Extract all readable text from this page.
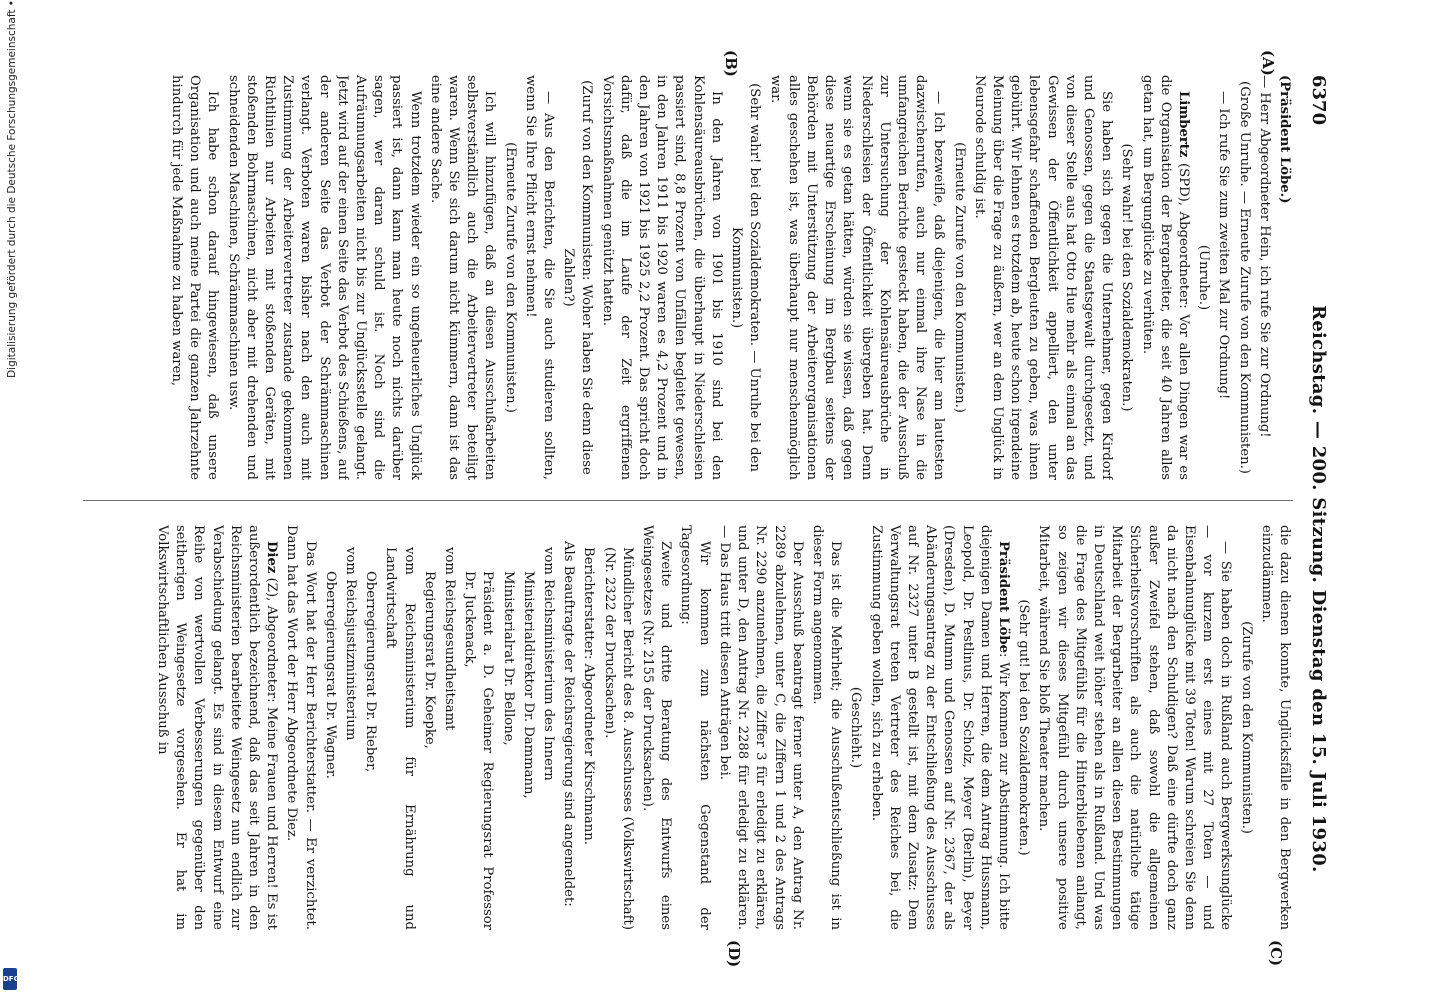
6370
Reichstag. — 200. Sitzung. Dienstag den 15. Juli 1930.
(A)
(B)
(C)
(D)

(Präsident Löbe.)

— Herr Abgeordneter Hein, ich rufe Sie zur Ordnung!

(Große Unruhe. — Erneute Zurufe von den Kommunisten.)

— Ich rufe Sie zum zweiten Mal zur Ordnung!

(Unruhe.)

Limbertz (SPD), Abgeordneter: Vor allen Dingen war es die Organisation der Bergarbeiter, die seit 40 Jahren alles getan hat, um Bergunglücke zu verhüten.

(Sehr wahr! bei den Sozialdemokraten.)

Sie haben sich gegen die Unternehmer, gegen Kirdorf und Genossen, gegen die Staatsgewalt durchgesetzt, und von dieser Stelle aus hat Otto Hue mehr als einmal an das Gewissen der Öffentlichkeit appelliert, den unter lebensgefahr schaffenden Bergleuten zu geben, was ihnen gebührt. Wir lehnen es trotzdem ab, heute schon irgendeine Meinung über die Frage zu äußern, wer an dem Unglück in Neurode schuldig ist.

(Erneute Zurufe von den Kommunisten.)

— Ich bezweifle, daß diejenigen, die hier am lautesten dazwischenrufen, auch nur einmal ihre Nase in die umfangreichen Berichte gesteckt haben, die der Ausschuß zur Untersuchung der Kohlensäureausbrüche in Niederschlesien der Öffentlichkeit übergeben hat. Denn wenn sie es getan hätten, würden sie wissen, daß gegen diese neuartige Erscheinung im Bergbau seitens der Behörden mit Unterstützung der Arbeiterorganisationen alles geschehen ist, was überhaupt nur menschenmöglich war.

(Sehr wahr! bei den Sozialdemokraten. — Unruhe bei den Kommunisten.)

In den Jahren von 1901 bis 1910 sind bei den Kohlensäureausbrüchen, die überhaupt in Niederschlesien passiert sind, 8,8 Prozent von Unfällen begleitet gewesen, in den Jahren 1911 bis 1920 waren es 4,2 Prozent und in den Jahren von 1921 bis 1925 2,2 Prozent. Das spricht doch dafür, daß die im Laufe der Zeit ergriffenen Vorsichtsmaßnahmen genützt hatten.

(Zuruf von den Kommunisten: Woher haben Sie denn diese Zahlen?)

— Aus den Berichten, die Sie auch studieren sollten, wenn Sie Ihre Pflicht ernst nehmen!

(Erneute Zurufe von den Kommunisten.)

Ich will hinzufügen, daß an diesen Ausschußarbeiten selbstverständlich auch die Arbeitervertreter beteiligt waren. Wenn Sie sich darum nicht kümmern, dann ist das eine andere Sache.

Wenn trotzdem wieder ein so ungeheuerliches Unglück passiert ist, dann kann man heute noch nichts darüber sagen, wer daran schuld ist. Noch sind die Aufräumungsarbeiten nicht bis zur Unglücksstelle gelangt. Jetzt wird auf der einen Seite das Verbot des Schießens, auf der anderen Seite das Verbot der Schrämmaschinen verlangt. Verboten waren bisher nach den auch mit Zustimmung der Arbeitervertreter zustande gekommenen Richtlinien nur Arbeiten mit stoßenden Geräten, mit stoßenden Bohrmaschinen, nicht aber mit drehenden und schneidenden Maschinen, Schrämmaschinen usw.

Ich habe schon darauf hingewiesen, daß unsere Organisation und auch meine Partei die ganzen Jahrzehnte hindurch für jede Maßnahme zu haben waren,

die dazu dienen konnte, Unglücksfälle in den Bergwerken einzudämmen.

(Zurufe von den Kommunisten.)

— Sie haben doch in Rußland auch Bergwerksunglücke — vor kurzem erst eines mit 27 Toten — und Eisenbahnunglücke mit 39 Toten! Warum schreien Sie denn da nicht nach den Schuldigen? Daß eine dürfte doch ganz außer Zweifel stehen, daß sowohl die allgemeinen Sicherheitsvorschriften als auch die natürliche tätige Mitarbeit der Bergarbeiter an allen diesen Bestimmungen in Deutschland weit höher stehen als in Rußland. Und was die Frage des Mitgefühls für die Hinterbliebenen anlangt, so zeigen wir dieses Mitgefühl durch unsere positive Mitarbeit, während Sie bloß Theater machen.

(Sehr gut! bei den Sozialdemokraten.)

Präsident Löbe: Wir kommen zur Abstimmung. Ich bitte diejenigen Damen und Herren, die dem Antrag Hussmann, Leopold, Dr. Pestlinus, Dr. Scholz, Meyer (Berlin), Beyer (Dresden), D. Mumm und Genossen auf Nr. 2367, der als Abänderungsantrag zu der Entschließung des Ausschusses auf Nr. 2327 unter B gestellt ist, mit dem Zusatz: Dem Verwaltungsrat treten Vertreter des Reiches bei, die Zustimmung geben wollen, sich zu erheben.

(Geschieht.)

Das ist die Mehrheit; die Ausschußentschließung ist in dieser Form angenommen.

Der Ausschuß beantragt ferner unter A, den Antrag Nr. 2289 abzulehnen, unter C, die Ziffern 1 und 2 des Antrags Nr. 2290 anzunehmen, die Ziffer 3 für erledigt zu erklären, und unter D, den Antrag Nr. 2288 für erledigt zu erklären. — Das Haus tritt diesen Anträgen bei.

Wir kommen zum nächsten Gegenstand der Tagesordnung:

Zweite und dritte Beratung des Entwurfs eines Weingesetzes (Nr. 2155 der Drucksachen).

Mündlicher Bericht des 8. Ausschusses (Volkswirtschaft) (Nr. 2322 der Drucksachen).

Berichterstatter: Abgeordneter Kirschmann.

Als Beauftragte der Reichsregierung sind angemeldet:

vom Reichsministerium des Innern

Ministerialdirektor Dr. Dammann,

Ministerialrat Dr. Bellone,

Präsident a. D. Geheimer Regierungsrat Professor Dr. Juckenack,

vom Reichsgesundheitsamt

Regierungsrat Dr. Koepke,

vom Reichsministerium für Ernährung und Landwirtschaft

Oberregierungsrat Dr. Rieber,

vom Reichsjustizministerium

Oberregierungsrat Dr. Wagner.

Das Wort hat der Herr Berichterstatter. — Er verzichtet. Dann hat das Wort der Herr Abgeordnete Diez.

Diez (Z), Abgeordneter: Meine Frauen und Herren! Es ist außerordentlich bezeichnend, daß das seit Jahren in den Reichsministerien bearbeitete Weingesetz nun endlich zur Verabschiedung gelangt. Es sind in diesem Entwurf eine Reihe von wertvollen Verbesserungen gegenüber den seitherigen Weingesetze vorgesehen. Er hat im Volkswirtschaftlichen Ausschuß in

Digitalisierung gefördert durch die Deutsche Forschungsgemeinschaft •
DFG
